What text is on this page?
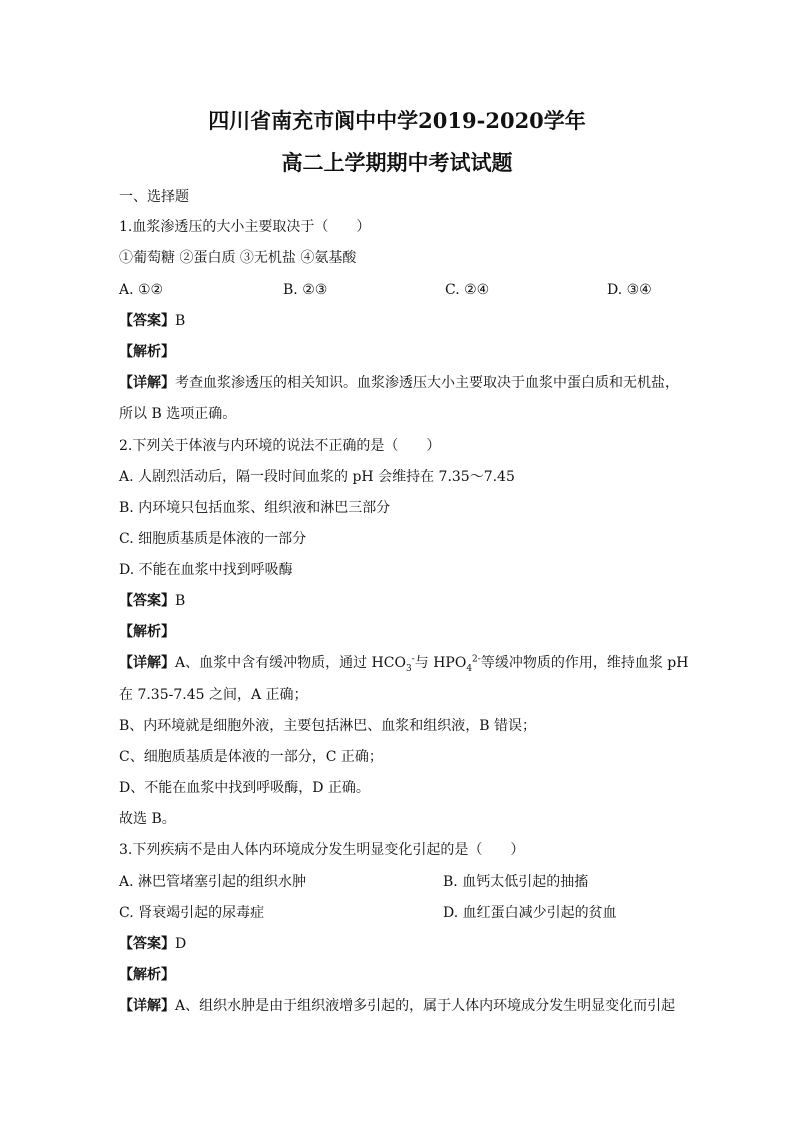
四川省南充市阆中中学2019-2020学年
高二上学期期中考试试题
一、选择题
1.血浆渗透压的大小主要取决于（　　）
①葡萄糖 ②蛋白质 ③无机盐 ④氨基酸
A. ①②	B. ②③	C. ②④	D. ③④
【答案】B
【解析】
【详解】考查血浆渗透压的相关知识。血浆渗透压大小主要取决于血浆中蛋白质和无机盐，
所以 B 选项正确。
2.下列关于体液与内环境的说法不正确的是（　　）
A. 人剧烈活动后，隔一段时间血浆的 pH 会维持在 7.35～7.45
B. 内环境只包括血浆、组织液和淋巴三部分
C. 细胞质基质是体液的一部分
D. 不能在血浆中找到呼吸酶
【答案】B
【解析】
【详解】A、血浆中含有缓冲物质，通过 $HCO_3^-$与 $HPO_4^{2-}$等缓冲物质的作用，维持血浆 pH
在 7.35-7.45 之间，A 正确；
B、内环境就是细胞外液，主要包括淋巴、血浆和组织液，B 错误；
C、细胞质基质是体液的一部分，C 正确；
D、不能在血浆中找到呼吸酶，D 正确。
故选 B。
3.下列疾病不是由人体内环境成分发生明显变化引起的是（　　）
A. 淋巴管堵塞引起的组织水肿	B. 血钙太低引起的抽搐
C. 肾衰竭引起的尿毒症	D. 血红蛋白减少引起的贫血
【答案】D
【解析】
【详解】A、组织水肿是由于组织液增多引起的，属于人体内环境成分发生明显变化而引起
